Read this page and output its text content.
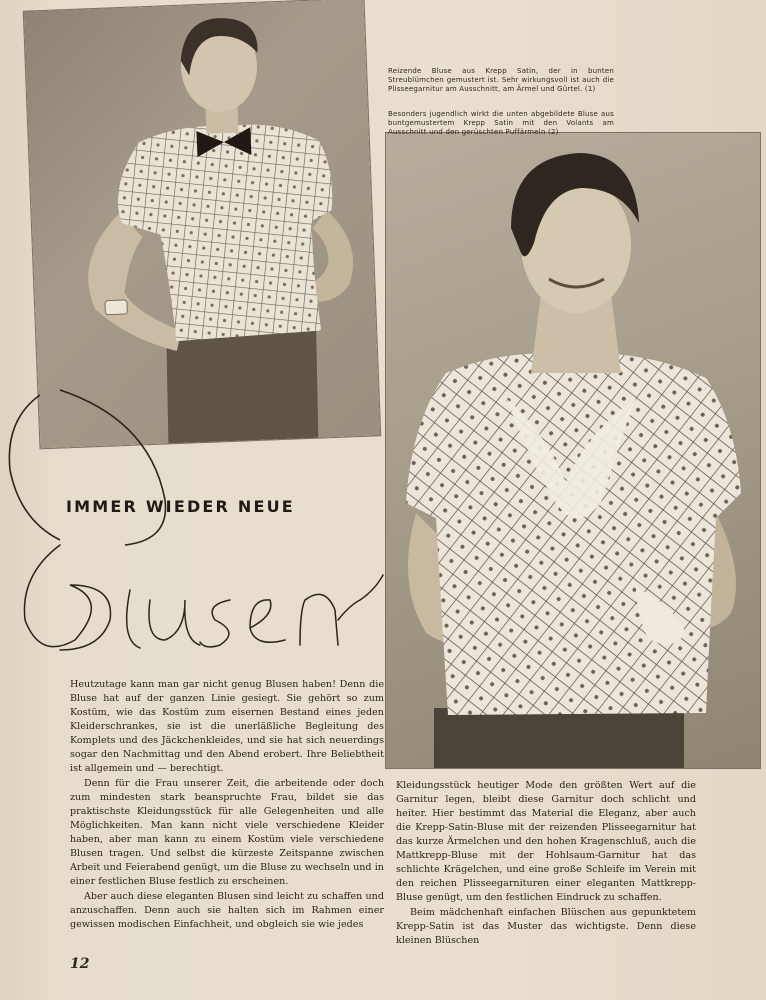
Reizende Bluse aus Krepp Satin, der in bunten Streublümchen gemustert ist. Sehr wirkungsvoll ist auch die Plisseegarnitur am Ausschnitt, am Ärmel und Gürtel. (1)
Besonders jugendlich wirkt die unten abgebildete Bluse aus buntgemustertem Krepp Satin mit den Volants am Ausschnitt und den gerüschten Puffärmeln (2)
IMMER WIEDER NEUE

Heutzutage kann man gar nicht genug Blusen haben! Denn die Bluse hat auf der ganzen Linie gesiegt. Sie gehört so zum Kostüm, wie das Kostüm zum eisernen Bestand eines jeden Kleiderschrankes, sie ist die unerläßliche Begleitung des Komplets und des Jäckchenkleides, und sie hat sich neuerdings sogar den Nachmittag und den Abend erobert. Ihre Beliebtheit ist allgemein und — berechtigt.

Denn für die Frau unserer Zeit, die arbeitende oder doch zum mindesten stark beanspruchte Frau, bildet sie das praktischste Kleidungsstück für alle Gelegenheiten und alle Möglichkeiten. Man kann nicht viele verschiedene Kleider haben, aber man kann zu einem Kostüm viele verschiedene Blusen tragen. Und selbst die kürzeste Zeitspanne zwischen Arbeit und Feierabend genügt, um die Bluse zu wechseln und in einer festlichen Bluse festlich zu erscheinen.

Aber auch diese eleganten Blusen sind leicht zu schaffen und anzuschaffen. Denn auch sie halten sich im Rahmen einer gewissen modischen Einfachheit, und obgleich sie wie jedes

Kleidungsstück heutiger Mode den größten Wert auf die Garnitur legen, bleibt diese Garnitur doch schlicht und heiter. Hier bestimmt das Material die Eleganz, aber auch die Krepp-Satin-Bluse mit der reizenden Plisseegarnitur hat das kurze Ärmelchen und den hohen Kragenschluß, auch die Mattkrepp-Bluse mit der Hohlsaum-Garnitur hat das schlichte Krägelchen, und eine große Schleife im Verein mit den reichen Plisseegarnituren einer eleganten Mattkrepp-Bluse genügt, um den festlichen Eindruck zu schaffen.

Beim mädchenhaft einfachen Blüschen aus gepunktetem Krepp-Satin ist das Muster das wichtigste. Denn diese kleinen Blüschen

12
